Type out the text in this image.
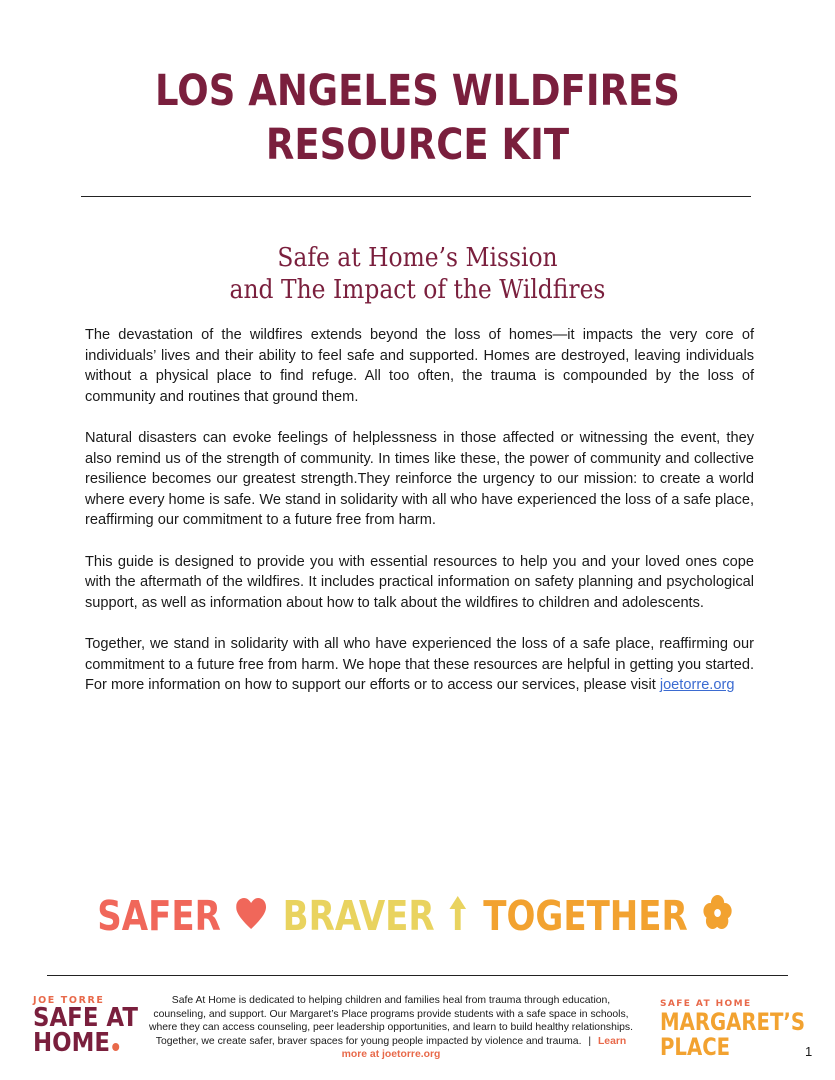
LOS ANGELES WILDFIRES
RESOURCE KIT
Safe at Home’s Mission
and The Impact of the Wildfires

The devastation of the wildfires extends beyond the loss of homes—it impacts the very core of individuals’ lives and their ability to feel safe and supported. Homes are destroyed, leaving individuals without a physical place to find refuge. All too often, the trauma is compounded by the loss of community and routines that ground them.

Natural disasters can evoke feelings of helplessness in those affected or witnessing the event, they also remind us of the strength of community. In times like these, the power of community and collective resilience becomes our greatest strength.They reinforce the urgency to our mission: to create a world where every home is safe. We stand in solidarity with all who have experienced the loss of a safe place, reaffirming our commitment to a future free from harm.

This guide is designed to provide you with essential resources to help you and your loved ones cope with the aftermath of the wildfires. It includes practical information on safety planning and psychological support, as well as information about how to talk about the wildfires to children and adolescents.

Together, we stand in solidarity with all who have experienced the loss of a safe place, reaffirming our commitment to a future free from harm. We hope that these resources are helpful in getting you started. For more information on how to support our efforts or to access our services, please visit joetorre.org

SAFER BRAVER TOGETHER
JOE TORRE
SAFE AT
HOME
Safe At Home is dedicated to helping children and families heal from trauma through education, counseling, and support. Our Margaret’s Place programs provide students with a safe space in schools, where they can access counseling, peer leadership opportunities, and learn to build healthy relationships. Together, we create safer, braver spaces for young people impacted by violence and trauma. | Learn more at joetorre.org
SAFE AT HOME
MARGARET’S
PLACE	1
